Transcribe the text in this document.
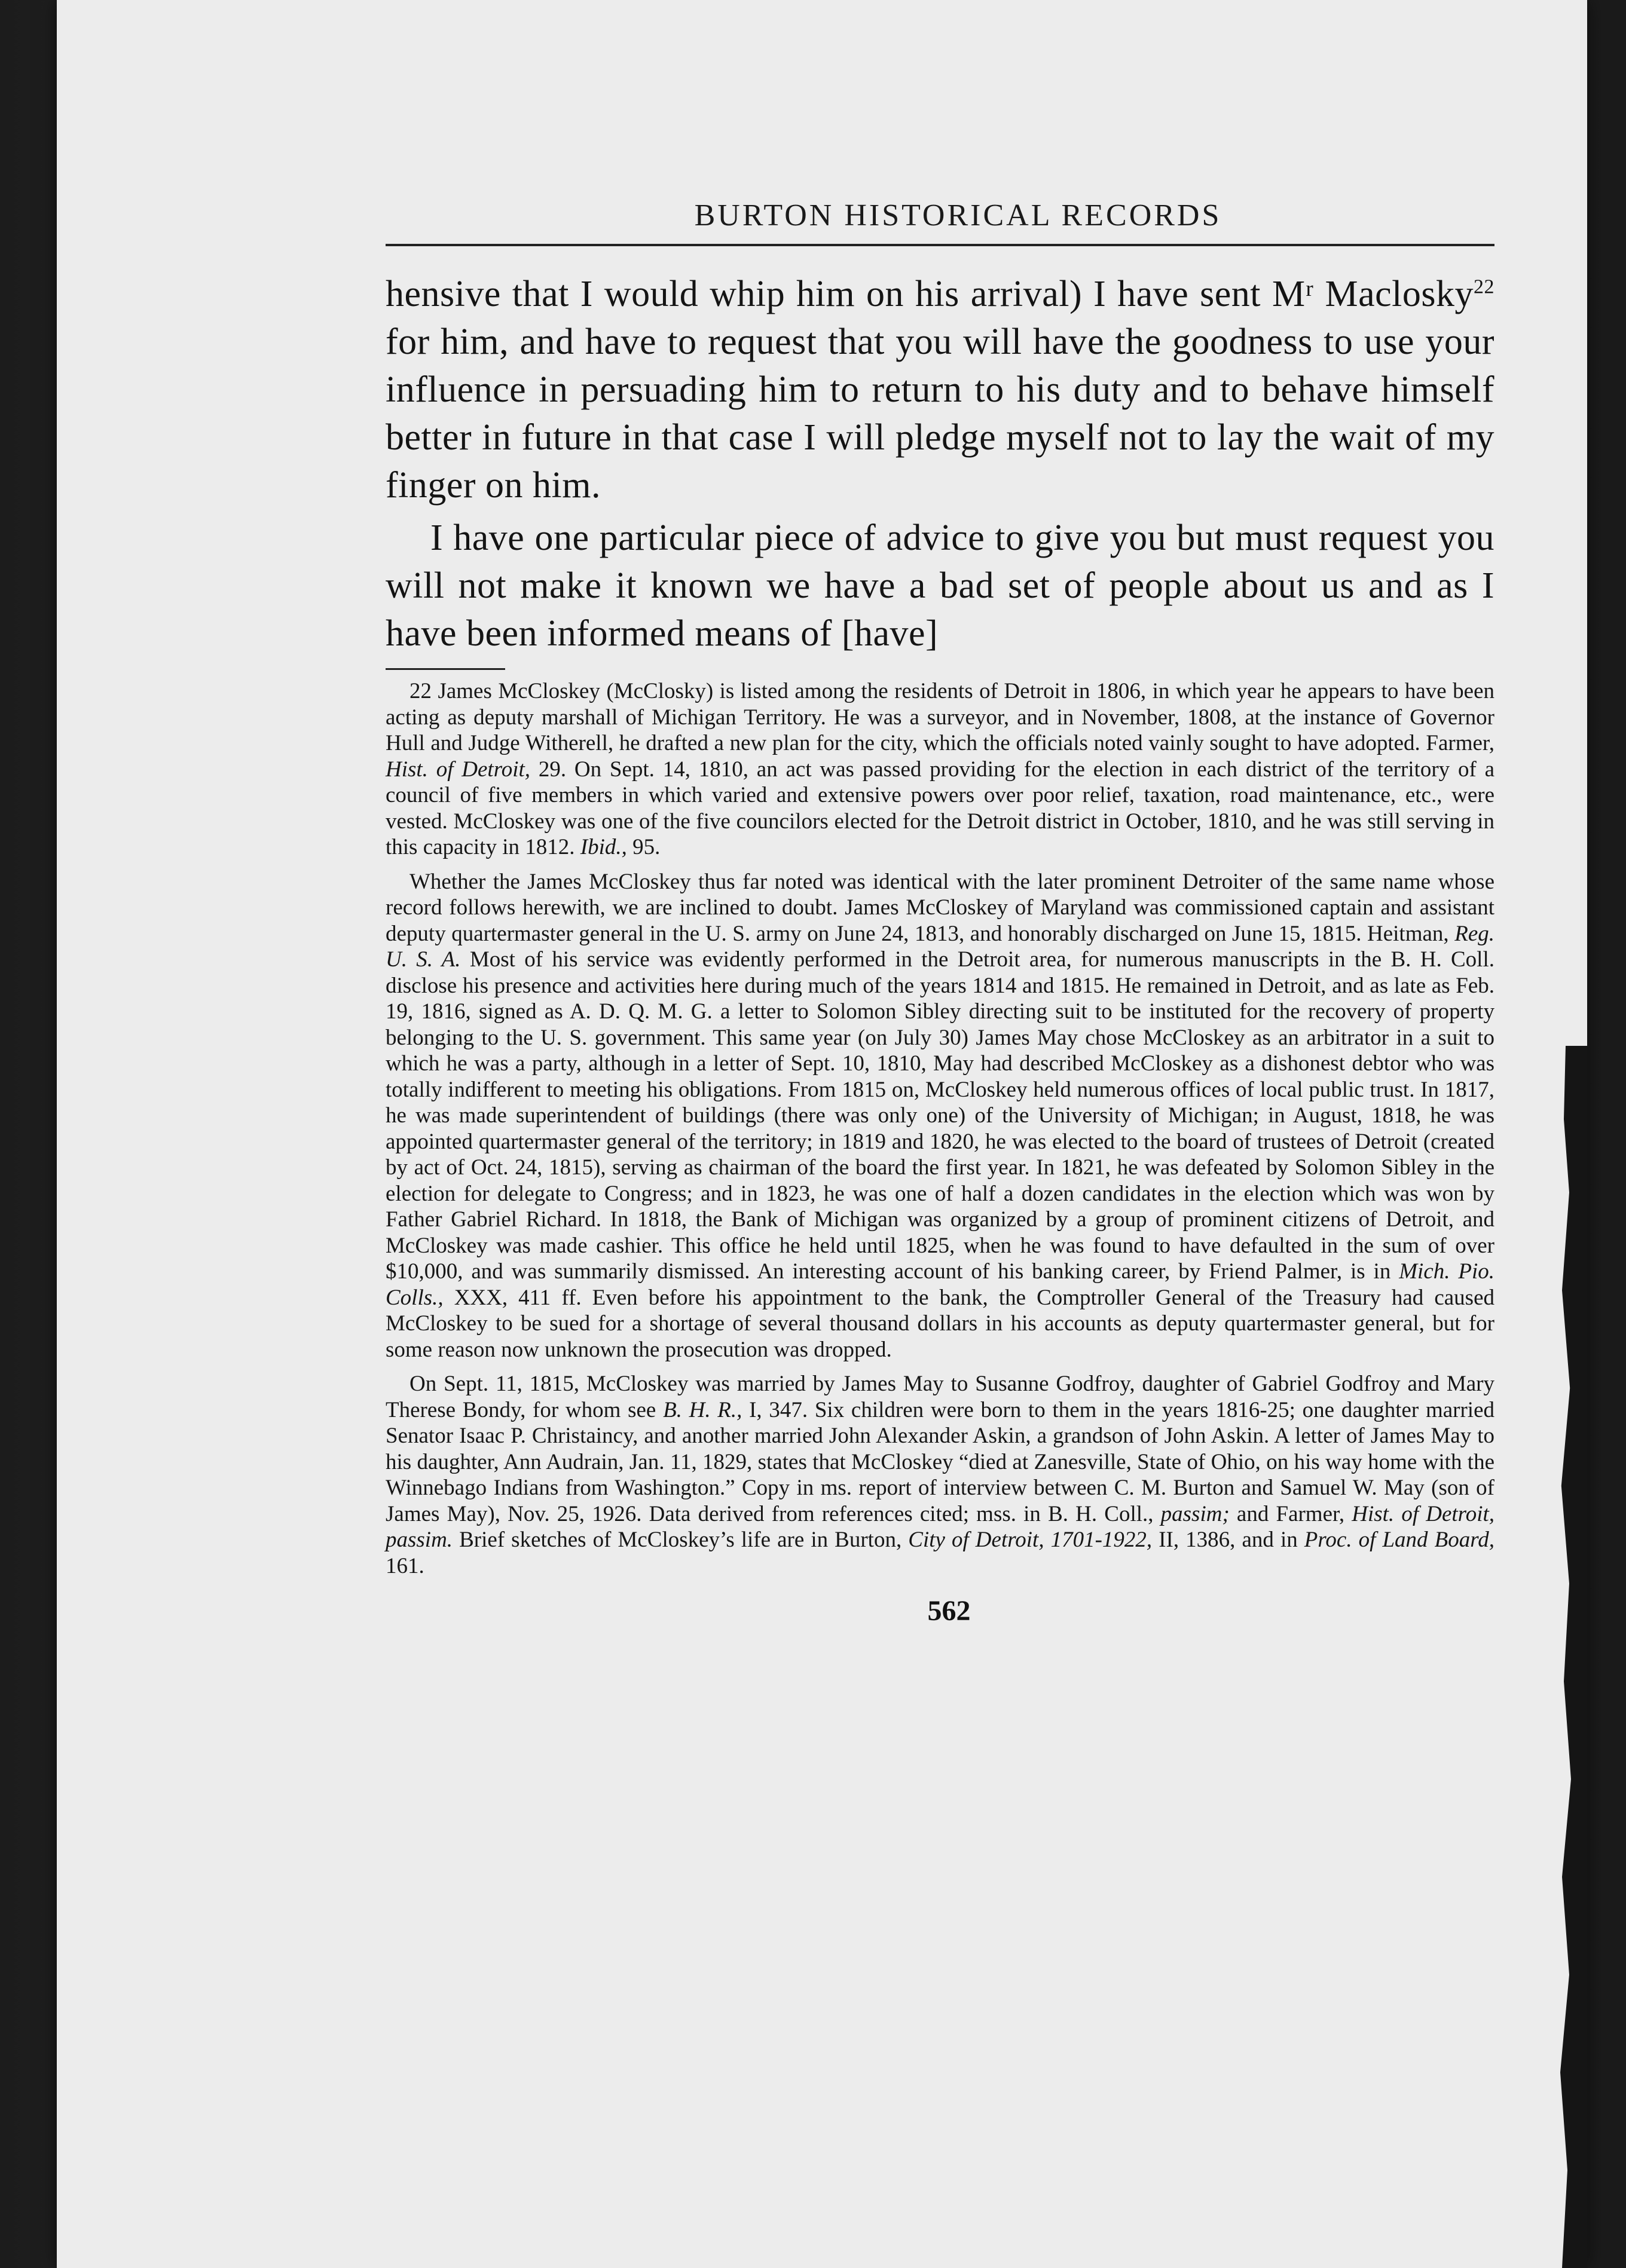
BURTON HISTORICAL RECORDS

hensive that I would whip him on his arrival) I have sent Mʳ Maclosky$^{22}$ for him, and have to request that you will have the goodness to use your influence in persuading him to return to his duty and to behave himself better in future in that case I will pledge myself not to lay the wait of my finger on him.

I have one particular piece of advice to give you but must request you will not make it known we have a bad set of people about us and as I have been informed means of [have]

22 James McCloskey (McClosky) is listed among the residents of Detroit in 1806, in which year he appears to have been acting as deputy marshall of Michigan Territory. He was a surveyor, and in November, 1808, at the instance of Governor Hull and Judge Witherell, he drafted a new plan for the city, which the officials noted vainly sought to have adopted. Farmer, Hist. of Detroit, 29. On Sept. 14, 1810, an act was passed providing for the election in each district of the territory of a council of five members in which varied and extensive powers over poor relief, taxation, road maintenance, etc., were vested. McCloskey was one of the five councilors elected for the Detroit district in October, 1810, and he was still serving in this capacity in 1812. Ibid., 95.

Whether the James McCloskey thus far noted was identical with the later prominent Detroiter of the same name whose record follows herewith, we are inclined to doubt. James McCloskey of Maryland was commissioned captain and assistant deputy quartermaster general in the U. S. army on June 24, 1813, and honorably discharged on June 15, 1815. Heitman, Reg. U. S. A. Most of his service was evidently performed in the Detroit area, for numerous manuscripts in the B. H. Coll. disclose his presence and activities here during much of the years 1814 and 1815. He remained in Detroit, and as late as Feb. 19, 1816, signed as A. D. Q. M. G. a letter to Solomon Sibley directing suit to be instituted for the recovery of property belonging to the U. S. government. This same year (on July 30) James May chose McCloskey as an arbitrator in a suit to which he was a party, although in a letter of Sept. 10, 1810, May had described McCloskey as a dishonest debtor who was totally indifferent to meeting his obligations. From 1815 on, McCloskey held numerous offices of local public trust. In 1817, he was made superintendent of buildings (there was only one) of the University of Michigan; in August, 1818, he was appointed quartermaster general of the territory; in 1819 and 1820, he was elected to the board of trustees of Detroit (created by act of Oct. 24, 1815), serving as chairman of the board the first year. In 1821, he was defeated by Solomon Sibley in the election for delegate to Congress; and in 1823, he was one of half a dozen candidates in the election which was won by Father Gabriel Richard. In 1818, the Bank of Michigan was organized by a group of prominent citizens of Detroit, and McCloskey was made cashier. This office he held until 1825, when he was found to have defaulted in the sum of over $10,000, and was summarily dismissed. An interesting account of his banking career, by Friend Palmer, is in Mich. Pio. Colls., XXX, 411 ff. Even before his appointment to the bank, the Comptroller General of the Treasury had caused McCloskey to be sued for a shortage of several thousand dollars in his accounts as deputy quartermaster general, but for some reason now unknown the prosecution was dropped.

On Sept. 11, 1815, McCloskey was married by James May to Susanne Godfroy, daughter of Gabriel Godfroy and Mary Therese Bondy, for whom see B. H. R., I, 347. Six children were born to them in the years 1816-25; one daughter married Senator Isaac P. Christaincy, and another married John Alexander Askin, a grandson of John Askin. A letter of James May to his daughter, Ann Audrain, Jan. 11, 1829, states that McCloskey “died at Zanesville, State of Ohio, on his way home with the Winnebago Indians from Washington.” Copy in ms. report of interview between C. M. Burton and Samuel W. May (son of James May), Nov. 25, 1926. Data derived from references cited; mss. in B. H. Coll., passim; and Farmer, Hist. of Detroit, passim. Brief sketches of McCloskey’s life are in Burton, City of Detroit, 1701-1922, II, 1386, and in Proc. of Land Board, 161.

562
